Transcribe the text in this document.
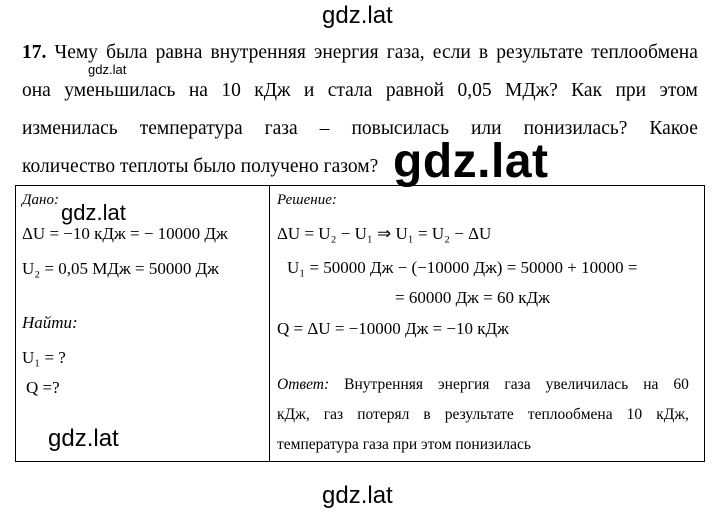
gdz.lat
17. Чему была равна внутренняя энергия газа, если в результате теплообмена
она уменьшилась на 10 кДж и стала равной 0,05 МДж? Как при этом
изменилась температура газа – повысилась или понизилась? Какое
количество теплоты было получено газом?
gdz.lat
gdz.lat
Дано:
ΔU = −10 кДж = − 10000 Дж
U₂ = 0,05 МДж = 50000 Дж
Найти:
U₁ = ?
Q =?
Решение:
ΔU = U₂ − U₁ ⇒ U₁ = U₂ − ΔU
U₁ = 50000 Дж − (−10000 Дж) = 50000 + 10000 =
= 60000 Дж = 60 кДж
Q = ΔU = −10000 Дж = −10 кДж
Ответ: Внутренняя энергия газа увеличилась на 60
кДж, газ потерял в результате теплообмена 10 кДж,
температура газа при этом понизилась
gdz.lat
gdz.lat
gdz.lat
